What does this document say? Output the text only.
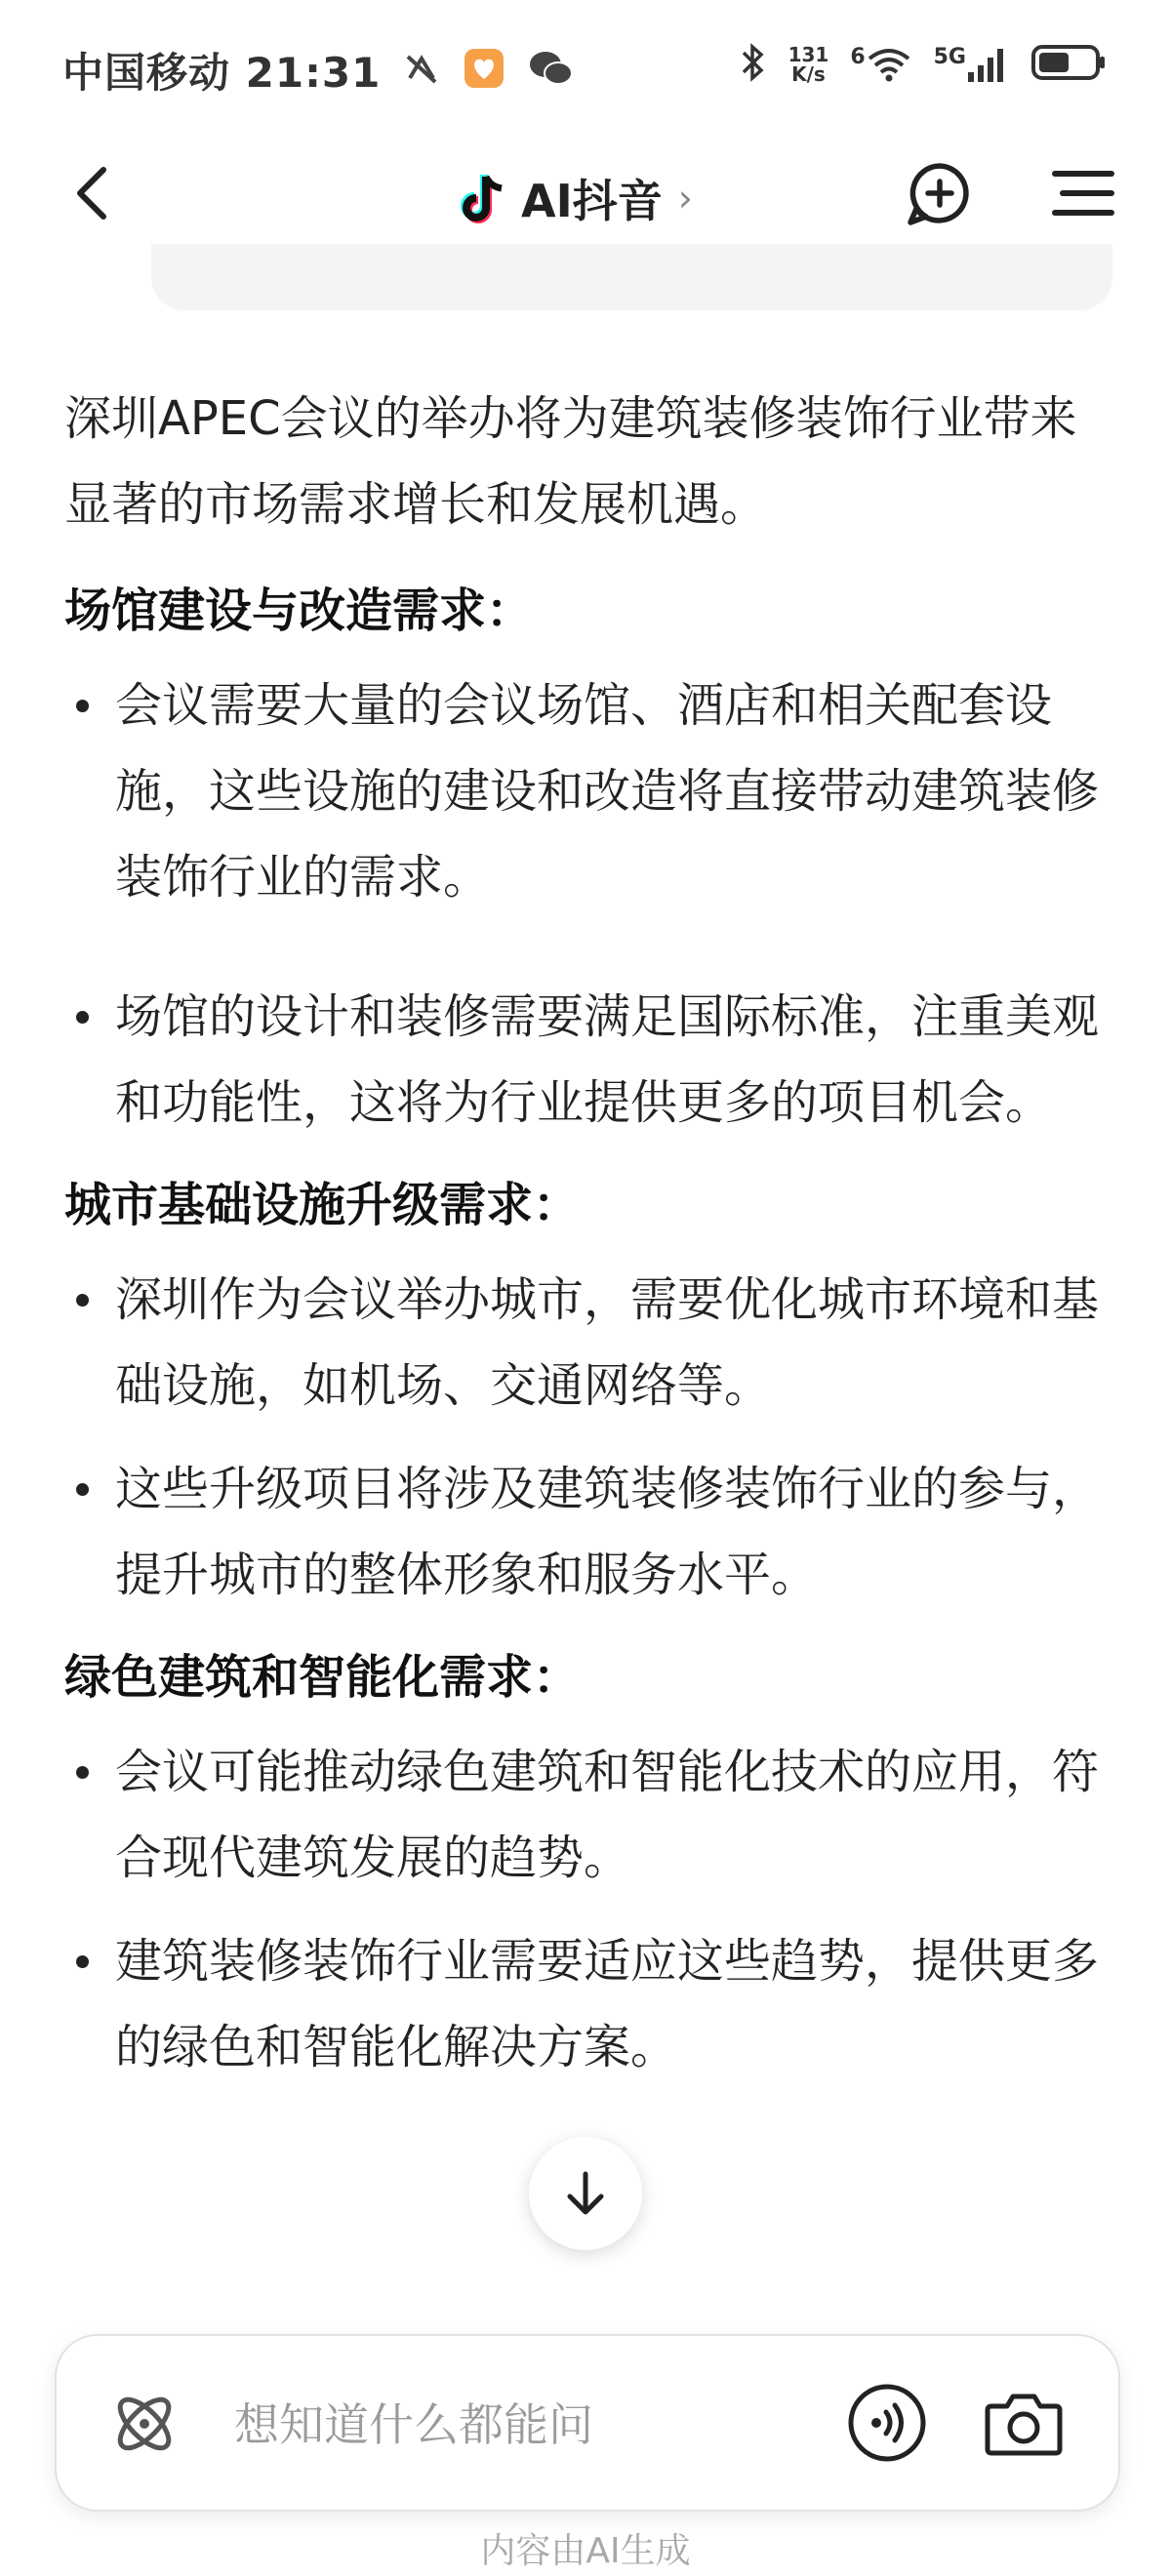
中国移动 21:31	131
K/s
6	5G
AI抖音 ›

深圳APEC会议的举办将为建筑装修装饰行业带来显著的市场需求增长和发展机遇。

场馆建设与改造需求：
会议需要大量的会议场馆、酒店和相关配套设施，这些设施的建设和改造将直接带动建筑装修装饰行业的需求。
场馆的设计和装修需要满足国际标准，注重美观和功能性，这将为行业提供更多的项目机会。
城市基础设施升级需求：
深圳作为会议举办城市，需要优化城市环境和基础设施，如机场、交通网络等。
这些升级项目将涉及建筑装修装饰行业的参与，提升城市的整体形象和服务水平。
绿色建筑和智能化需求：
会议可能推动绿色建筑和智能化技术的应用，符合现代建筑发展的趋势。
建筑装修装饰行业需要适应这些趋势，提供更多的绿色和智能化解决方案。
想知道什么都能问
内容由AI生成
